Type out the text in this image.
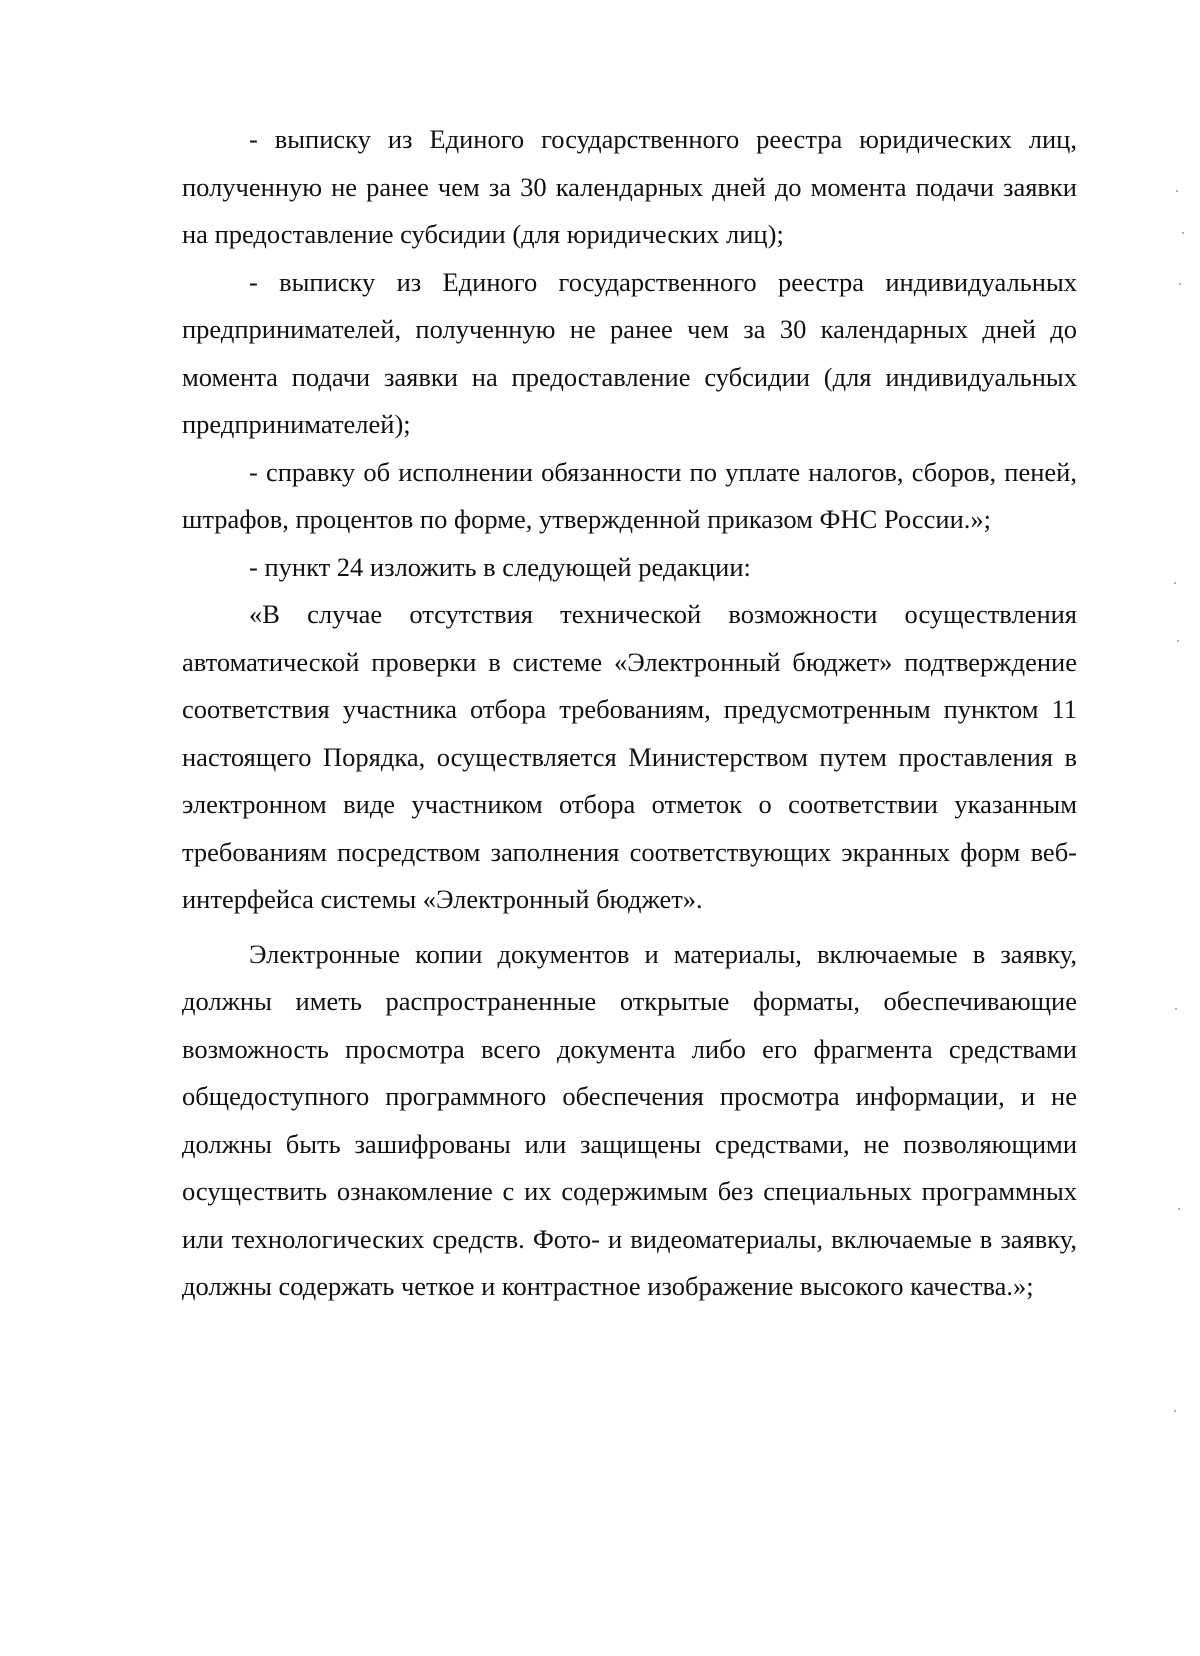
- выписку из Единого государственного реестра юридических лиц, полученную не ранее чем за 30 календарных дней до момента подачи заявки на предоставление субсидии (для юридических лиц);

- выписку из Единого государственного реестра индивидуальных предпринимателей, полученную не ранее чем за 30 календарных дней до момента подачи заявки на предоставление субсидии (для индивидуальных предпринимателей);

- справку об исполнении обязанности по уплате налогов, сборов, пеней, штрафов, процентов по форме, утвержденной приказом ФНС России.»;

- пункт 24 изложить в следующей редакции:

«В случае отсутствия технической возможности осуществления автоматической проверки в системе «Электронный бюджет» подтверждение соответствия участника отбора требованиям, предусмотренным пунктом 11 настоящего Порядка, осуществляется Министерством путем проставления в электронном виде участником отбора отметок о соответствии указанным требованиям посредством заполнения соответствующих экранных форм веб-интерфейса системы «Электронный бюджет».

Электронные копии документов и материалы, включаемые в заявку, должны иметь распространенные открытые форматы, обеспечивающие возможность просмотра всего документа либо его фрагмента средствами общедоступного программного обеспечения просмотра информации, и не должны быть зашифрованы или защищены средствами, не позволяющими осуществить ознакомление с их содержимым без специальных программных или технологических средств. Фото- и видеоматериалы, включаемые в заявку, должны содержать четкое и контрастное изображение высокого качества.»;
